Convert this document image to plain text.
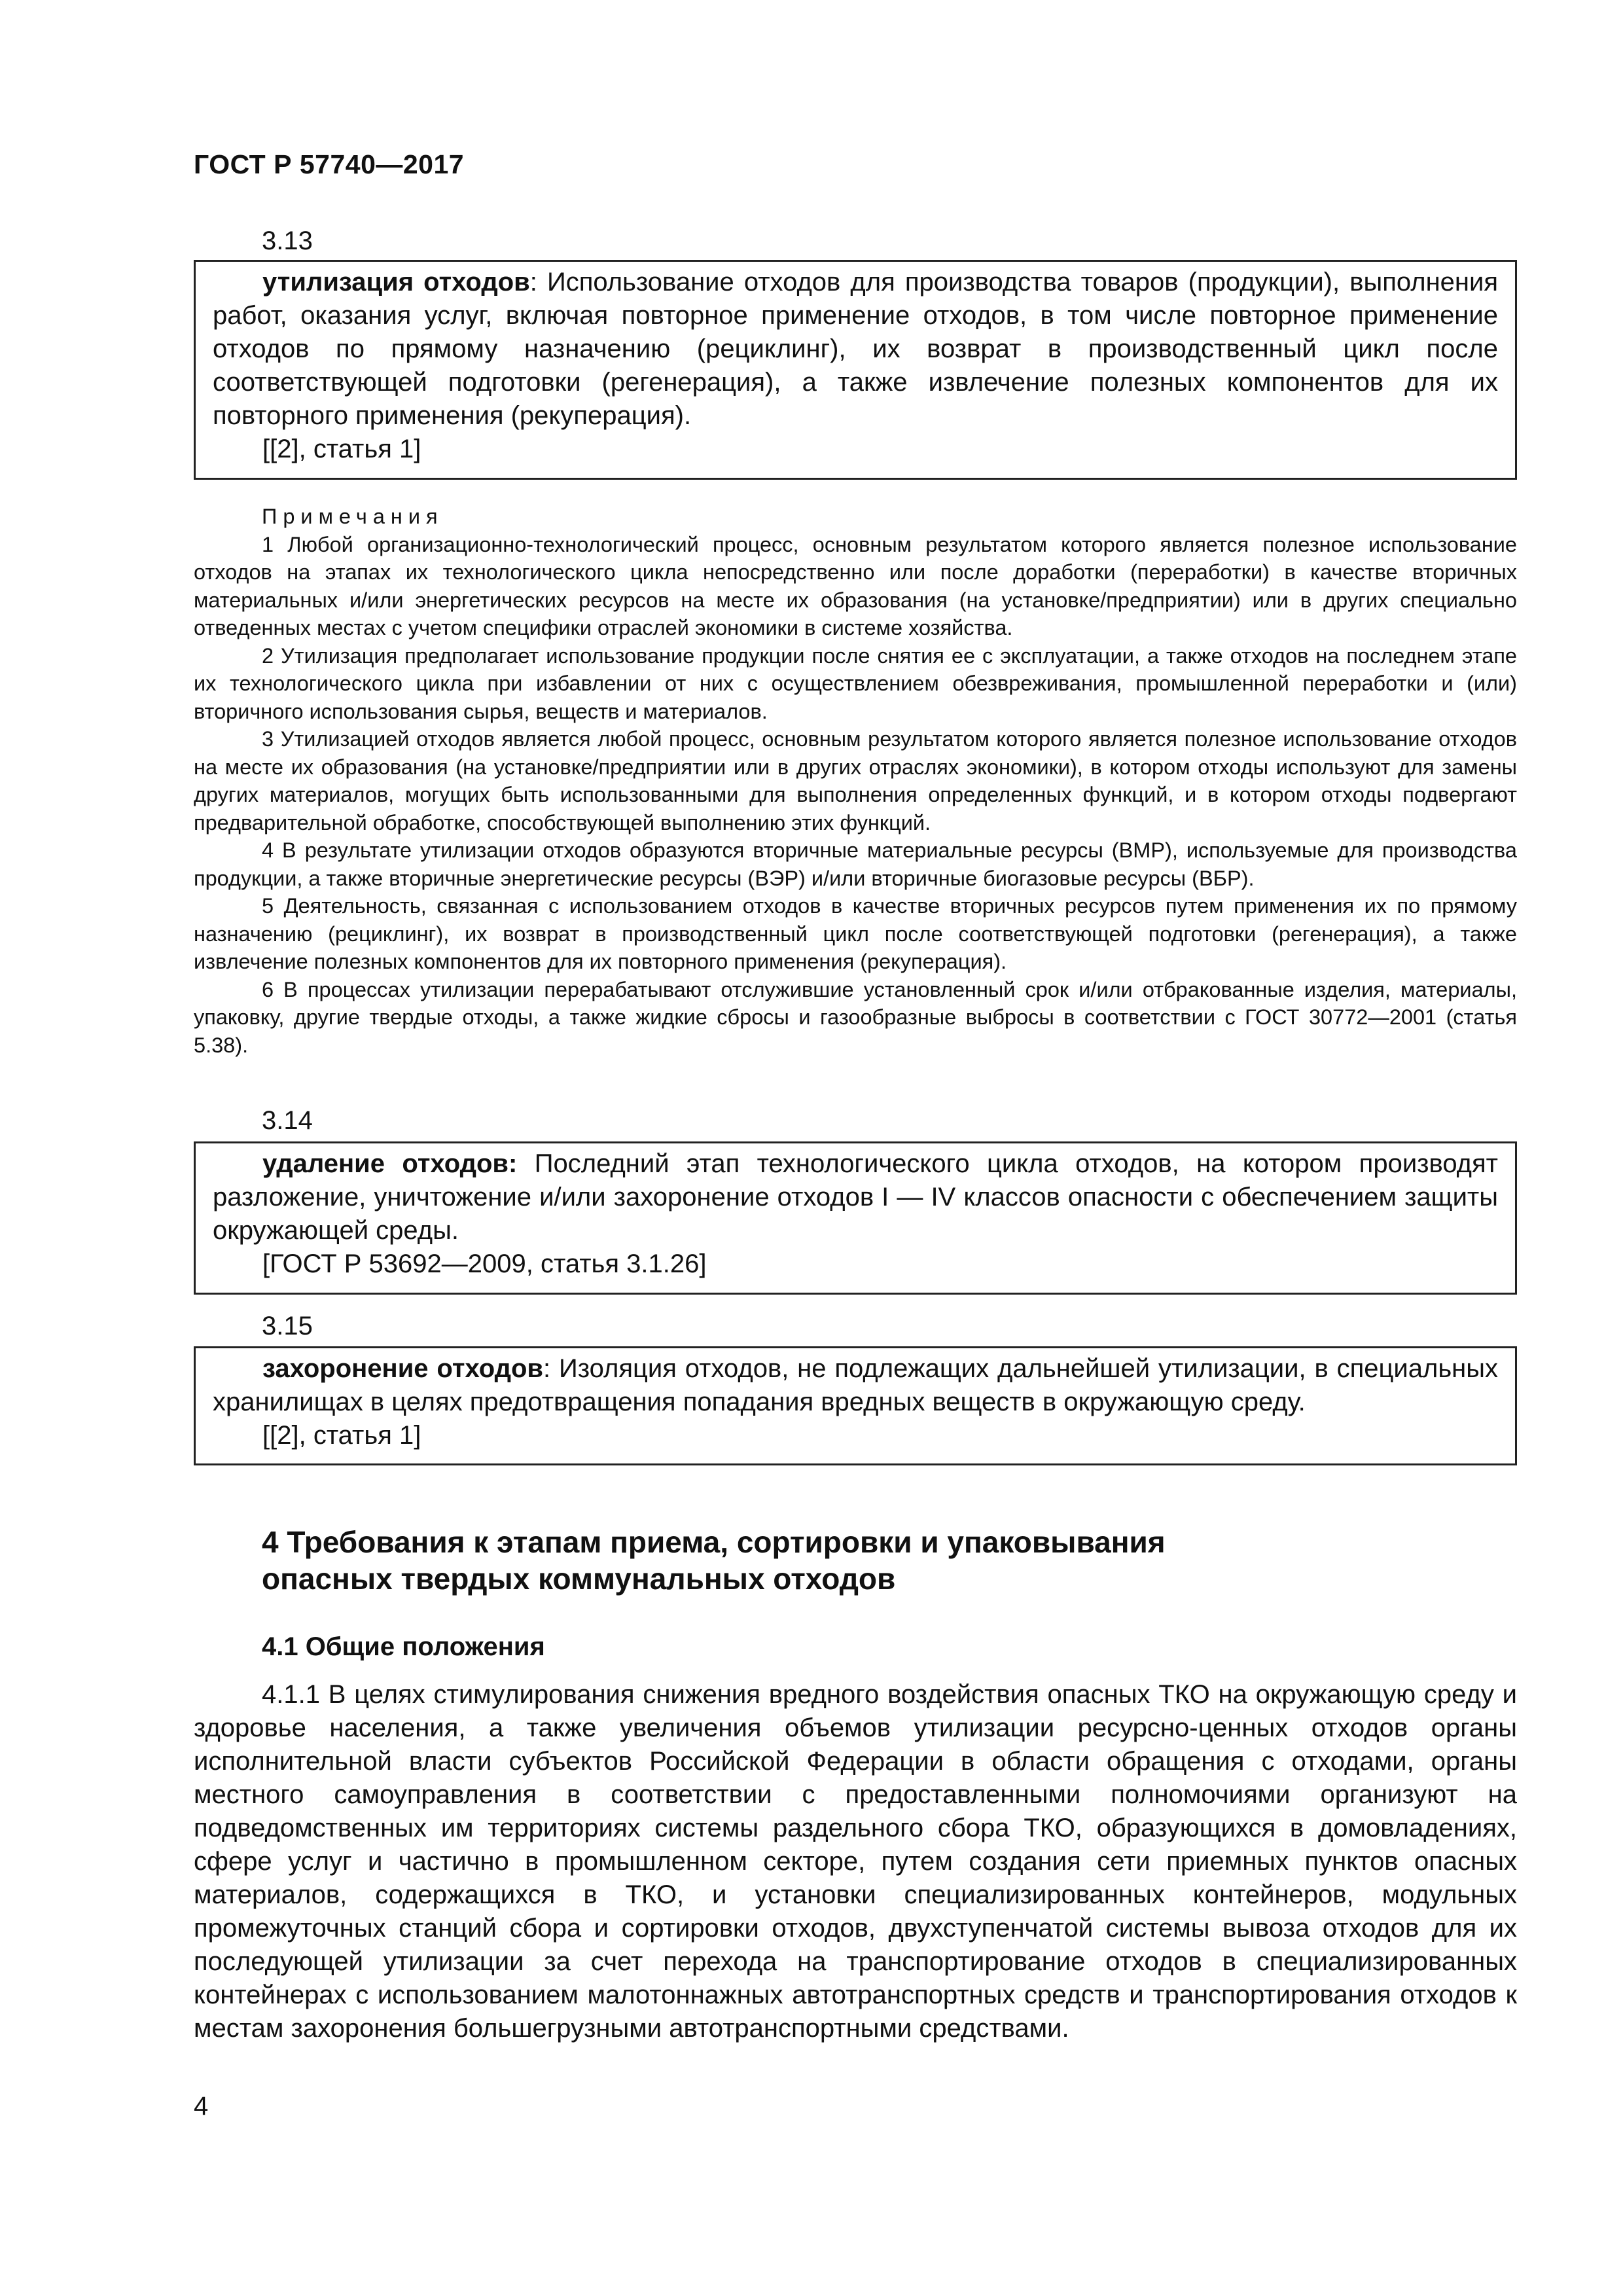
ГОСТ Р 57740—2017
3.13

утилизация отходов: Использование отходов для производства товаров (продукции), выполнения работ, оказания услуг, включая повторное применение отходов, в том числе повторное применение отходов по прямому назначению (рециклинг), их возврат в производственный цикл после соответствующей подготовки (регенерация), а также извлечение полезных компонентов для их повторного применения (рекуперация).

[[2], статья 1]

Примечания

1 Любой организационно-технологический процесс, основным результатом которого является полезное использование отходов на этапах их технологического цикла непосредственно или после доработки (переработки) в качестве вторичных материальных и/или энергетических ресурсов на месте их образования (на установке/предприятии) или в других специально отведенных местах с учетом специфики отраслей экономики в системе хозяйства.

2 Утилизация предполагает использование продукции после снятия ее с эксплуатации, а также отходов на последнем этапе их технологического цикла при избавлении от них с осуществлением обезвреживания, промышленной переработки и (или) вторичного использования сырья, веществ и материалов.

3 Утилизацией отходов является любой процесс, основным результатом которого является полезное использование отходов на месте их образования (на установке/предприятии или в других отраслях экономики), в котором отходы используют для замены других материалов, могущих быть использованными для выполнения определенных функций, и в котором отходы подвергают предварительной обработке, способствующей выполнению этих функций.

4 В результате утилизации отходов образуются вторичные материальные ресурсы (ВМР), используемые для производства продукции, а также вторичные энергетические ресурсы (ВЭР) и/или вторичные биогазовые ресурсы (ВБР).

5 Деятельность, связанная с использованием отходов в качестве вторичных ресурсов путем применения их по прямому назначению (рециклинг), их возврат в производственный цикл после соответствующей подготовки (регенерация), а также извлечение полезных компонентов для их повторного применения (рекуперация).

6 В процессах утилизации перерабатывают отслужившие установленный срок и/или отбракованные изделия, материалы, упаковку, другие твердые отходы, а также жидкие сбросы и газообразные выбросы в соответствии с ГОСТ 30772—2001 (статья 5.38).

3.14

удаление отходов: Последний этап технологического цикла отходов, на котором производят разложение, уничтожение и/или захоронение отходов I — IV классов опасности с обеспечением защиты окружающей среды.

[ГОСТ Р 53692—2009, статья 3.1.26]

3.15

захоронение отходов: Изоляция отходов, не подлежащих дальнейшей утилизации, в специальных хранилищах в целях предотвращения попадания вредных веществ в окружающую среду.

[[2], статья 1]

4 Требования к этапам приема, сортировки и упаковывания
опасных твердых коммунальных отходов
4.1 Общие положения

4.1.1 В целях стимулирования снижения вредного воздействия опасных ТКО на окружающую среду и здоровье населения, а также увеличения объемов утилизации ресурсно-ценных отходов органы исполнительной власти субъектов Российской Федерации в области обращения с отходами, органы местного самоуправления в соответствии с предоставленными полномочиями организуют на подведомственных им территориях системы раздельного сбора ТКО, образующихся в домовладениях, сфере услуг и частично в промышленном секторе, путем создания сети приемных пунктов опасных материалов, содержащихся в ТКО, и установки специализированных контейнеров, модульных промежуточных станций сбора и сортировки отходов, двухступенчатой системы вывоза отходов для их последующей утилизации за счет перехода на транспортирование отходов в специализированных контейнерах с использованием малотоннажных автотранспортных средств и транспортирования отходов к местам захоронения большегрузными автотранспортными средствами.

4
